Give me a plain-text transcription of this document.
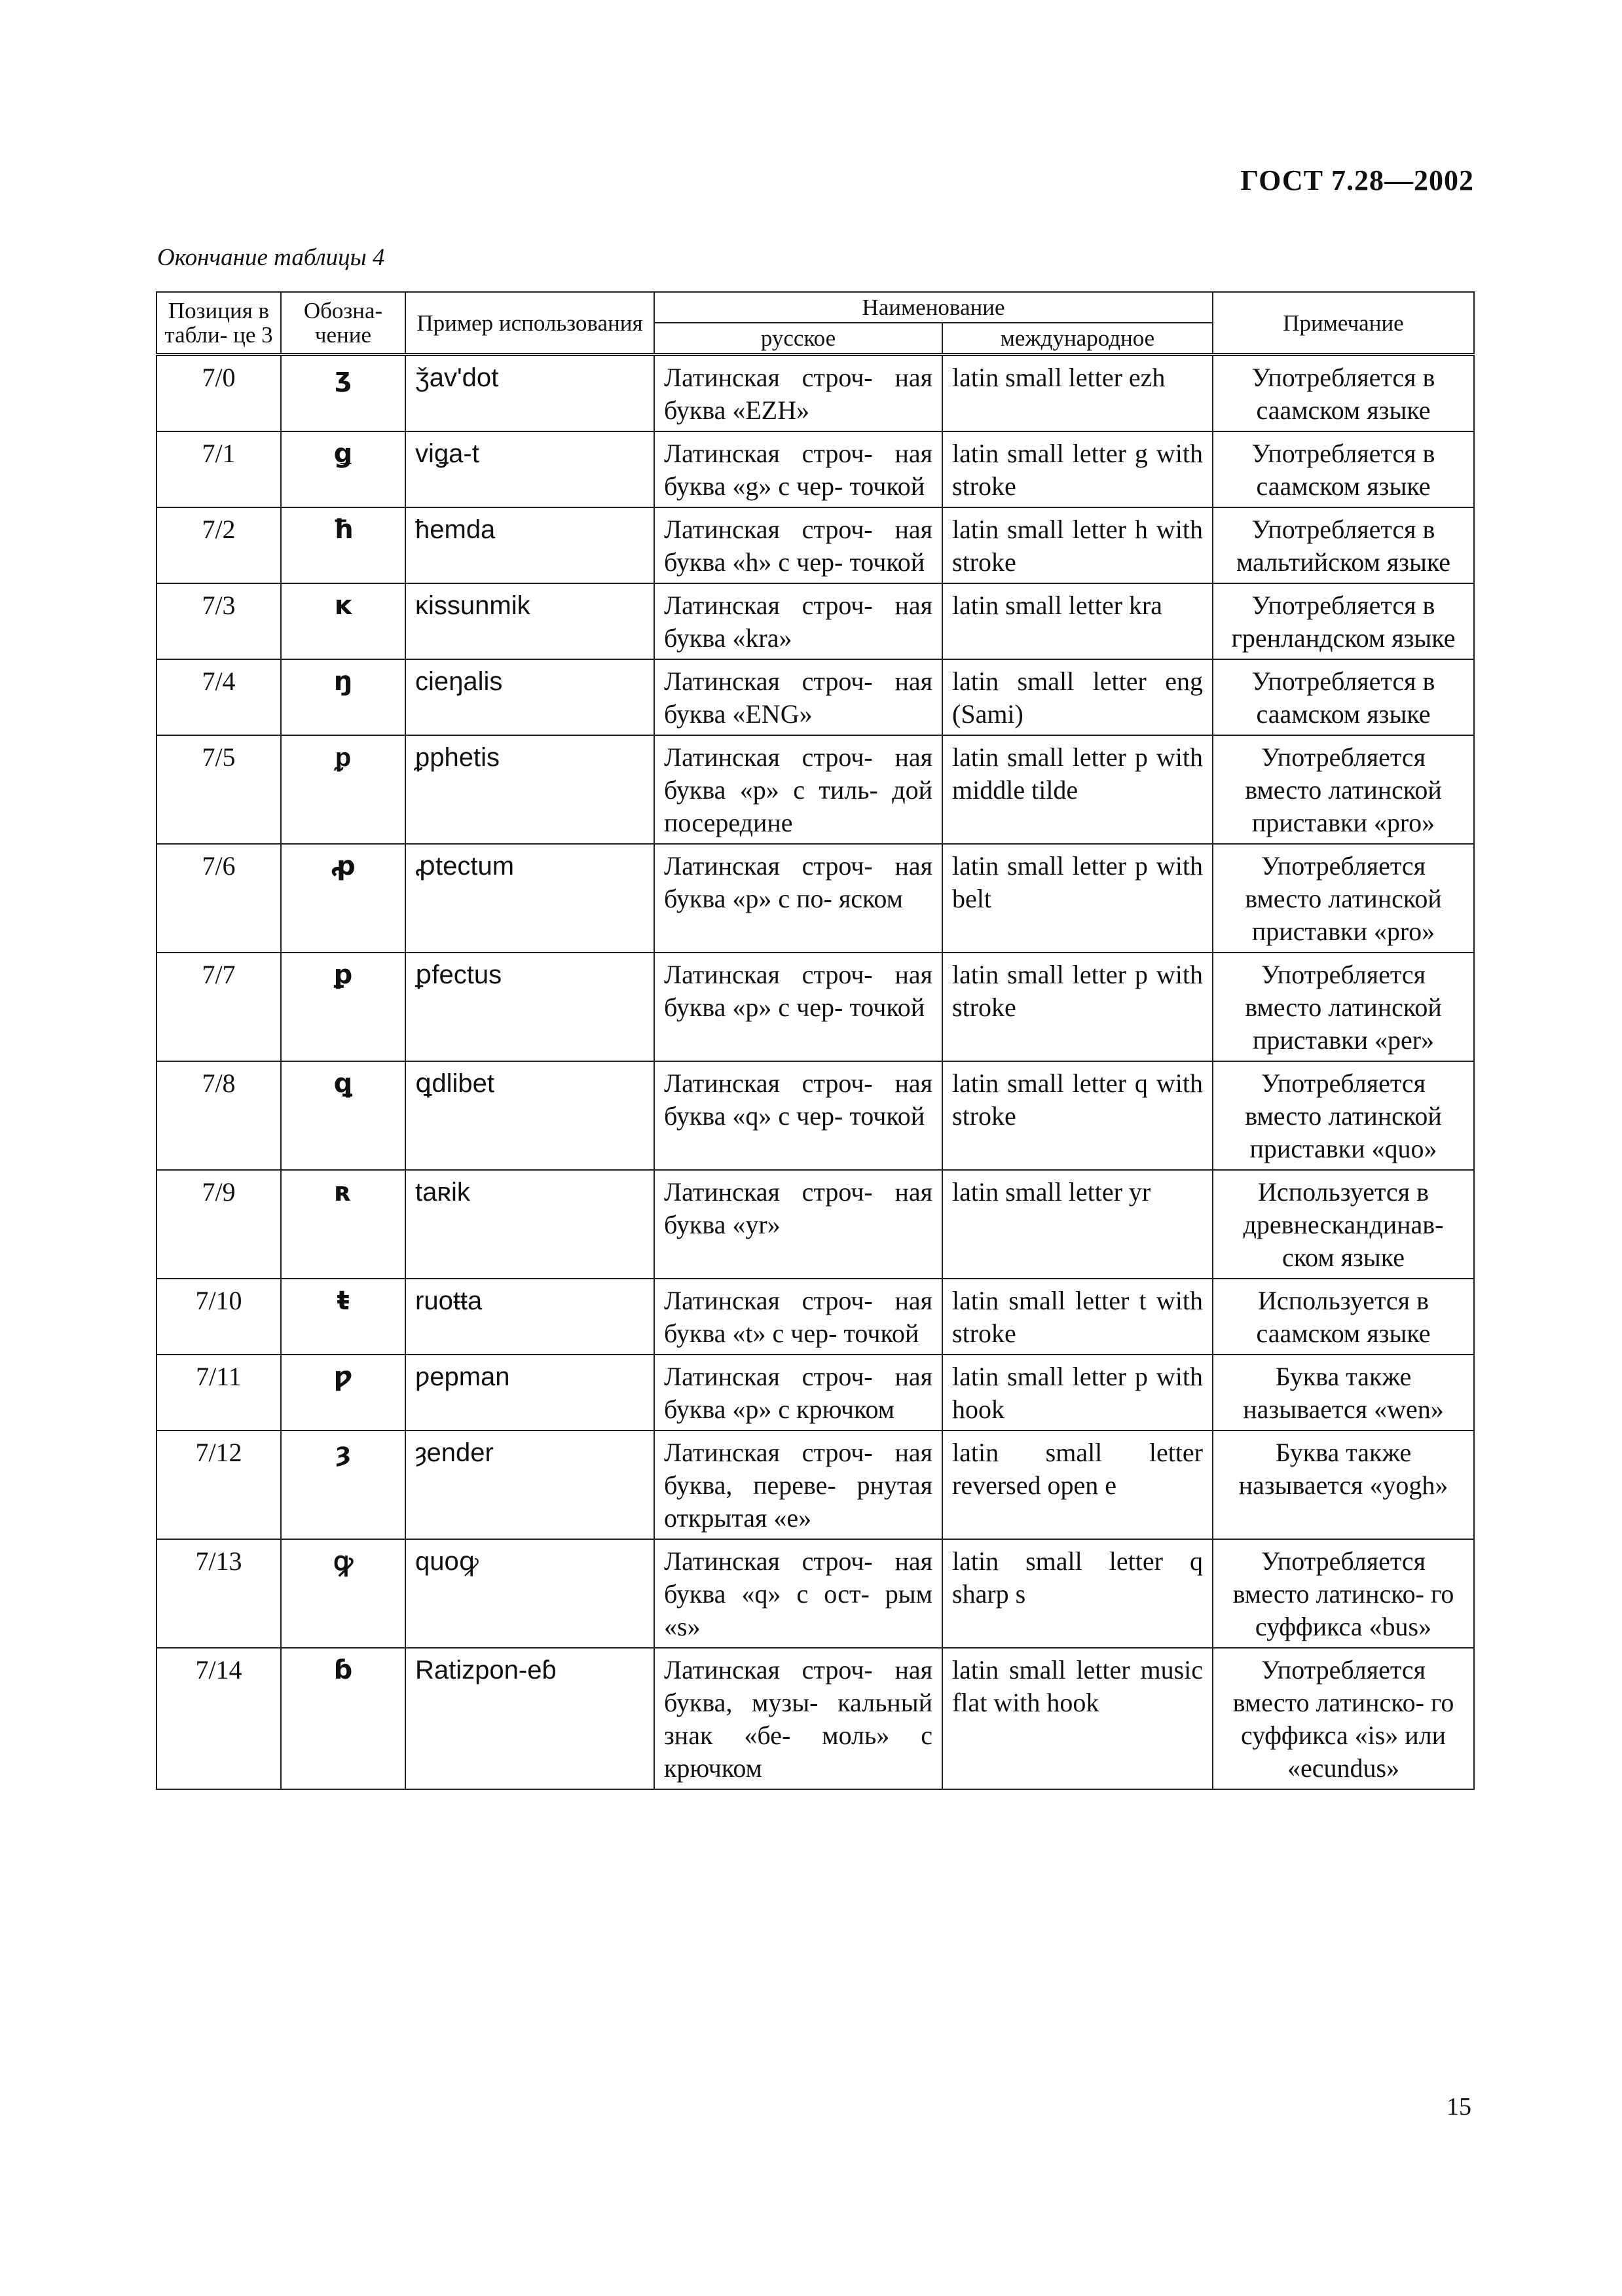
ГОСТ 7.28—2002
Окончание таблицы 4
Позиция в табли- це 3	Обозна- чение	Пример использования	Наименование		Примечание
			русское	международное	
7/0	ʒ	ǯav'dot	Латинская строч- ная буква «EZH»	latin small letter ezh	Употребляется в саамском языке
7/1	ǥ	viǥa-t	Латинская строч- ная буква «g» с чер- точкой	latin small letter g with stroke	Употребляется в саамском языке
7/2	ħ	ħemda	Латинская строч- ная буква «h» с чер- точкой	latin small letter h with stroke	Употребляется в мальтийском языке
7/3	ĸ	ĸissunmik	Латинская строч- ная буква «kra»	latin small letter kra	Употребляется в гренландском языке
7/4	ŋ	cieŋalis	Латинская строч- ная буква «ENG»	latin small letter eng (Sami)	Употребляется в саамском языке
7/5	ᵱ	ᵱphetis	Латинская строч- ная буква «p» с тиль- дой посередине	latin small letter p with middle tilde	Употребляется вместо латинской приставки «pro»
7/6	ꝓ	ꝓtectum	Латинская строч- ная буква «p» с по- яском	latin small letter p with belt	Употребляется вместо латинской приставки «pro»
7/7	ꝑ	ꝑfectus	Латинская строч- ная буква «p» с чер- точкой	latin small letter p with stroke	Употребляется вместо латинской приставки «per»
7/8	ꝗ	ꝗdlibet	Латинская строч- ная буква «q» с чер- точкой	latin small letter q with stroke	Употребляется вместо латинской приставки «quo»
7/9	ʀ	taʀik	Латинская строч- ная буква «yr»	latin small letter yr	Используется в древнескандинав- ском языке
7/10	ŧ	ruoŧŧa	Латинская строч- ная буква «t» с чер- точкой	latin small letter t with stroke	Используется в саамском языке
7/11	ƿ	ƿepman	Латинская строч- ная буква «p» с крючком	latin small letter p with hook	Буква также называется «wen»
7/12	ȝ	ȝender	Латинская строч- ная буква, переве- рнутая открытая «е»	latin small letter reversed open e	Буква также называется «yogh»
7/13	ꝙ	quoꝙ	Латинская строч- ная буква «q» с ост- рым «s»	latin small letter q sharp s	Употребляется вместо латинско- го суффикса «bus»
7/14	ɓ	Ratizpon-eɓ	Латинская строч- ная буква, музы- кальный знак «бе- моль» с крючком	latin small letter music flat with hook	Употребляется вместо латинско- го суффикса «is» или «ecundus»
15
